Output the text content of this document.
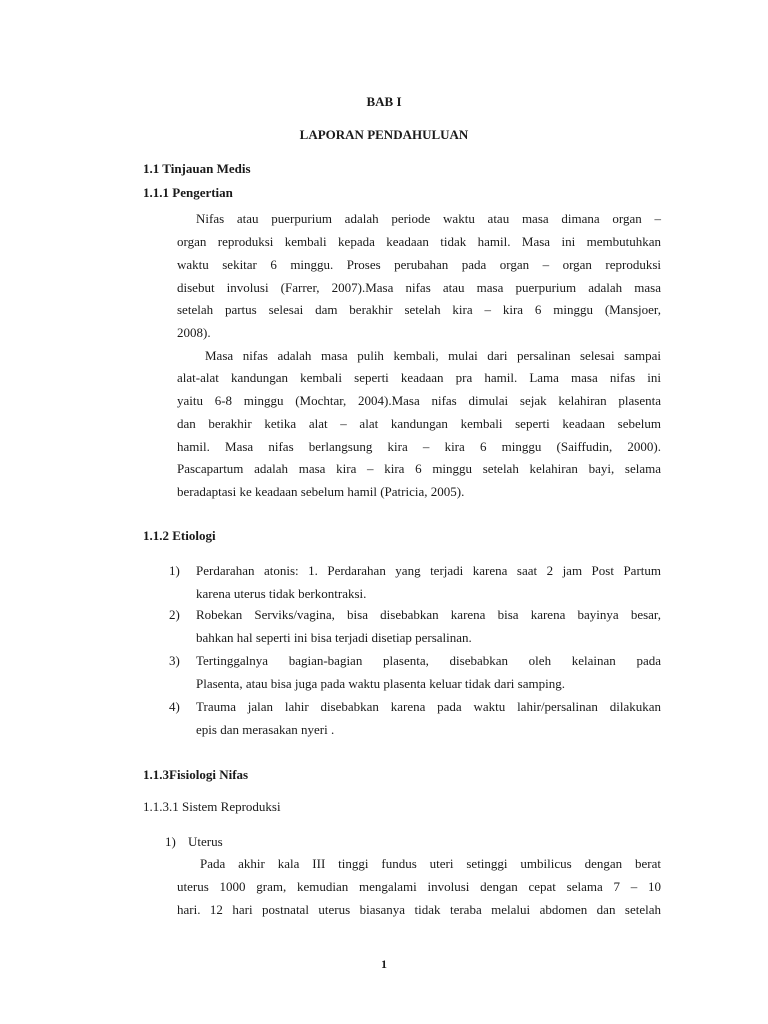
BAB I
LAPORAN PENDAHULUAN
1.1 Tinjauan Medis
1.1.1 Pengertian
Nifas atau puerpurium adalah periode waktu atau masa dimana organ –
organ reproduksi kembali kepada keadaan tidak hamil. Masa ini membutuhkan
waktu sekitar 6 minggu. Proses perubahan pada organ – organ reproduksi
disebut involusi (Farrer, 2007).Masa nifas atau masa puerpurium adalah masa
setelah partus selesai dam berakhir setelah kira – kira 6 minggu (Mansjoer,
2008).
Masa nifas adalah masa pulih kembali, mulai dari persalinan selesai sampai
alat-alat kandungan kembali seperti keadaan pra hamil. Lama masa nifas ini
yaitu 6-8 minggu (Mochtar, 2004).Masa nifas dimulai sejak kelahiran plasenta
dan berakhir ketika alat – alat kandungan kembali seperti keadaan sebelum
hamil. Masa nifas berlangsung kira – kira 6 minggu (Saiffudin, 2000).
Pascapartum adalah masa kira – kira 6 minggu setelah kelahiran bayi, selama
beradaptasi ke keadaan sebelum hamil (Patricia, 2005).
1.1.2 Etiologi
1) Perdarahan atonis: 1. Perdarahan yang terjadi karena saat 2 jam Post Partum
karena uterus tidak berkontraksi.
2) Robekan Serviks/vagina, bisa disebabkan karena bisa karena bayinya besar,
bahkan hal seperti ini bisa terjadi disetiap persalinan.
3) Tertinggalnya bagian-bagian plasenta, disebabkan oleh kelainan pada
Plasenta, atau bisa juga pada waktu plasenta keluar tidak dari samping.
4) Trauma jalan lahir disebabkan karena pada waktu lahir/persalinan dilakukan
epis dan merasakan nyeri .
1.1.3Fisiologi Nifas
1.1.3.1 Sistem Reproduksi
1) Uterus
Pada akhir kala III tinggi fundus uteri setinggi umbilicus dengan berat
uterus 1000 gram, kemudian mengalami involusi dengan cepat selama 7 – 10
hari. 12 hari postnatal uterus biasanya tidak teraba melalui abdomen dan setelah
1
